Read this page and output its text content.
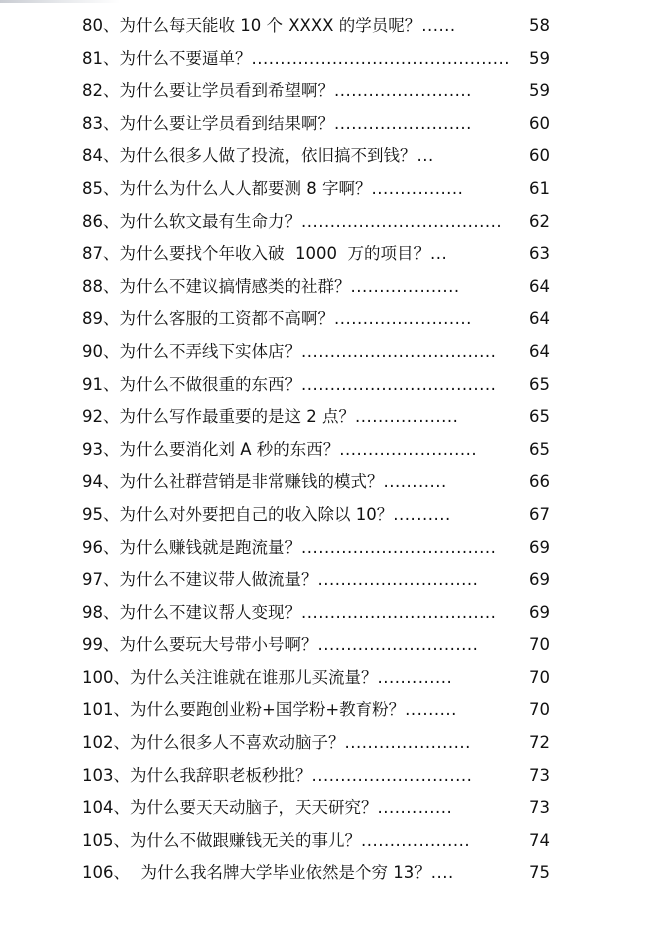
80、为什么每天能收 10 个 XXXX 的学员呢？......	58
81、为什么不要逼单？............................................. 59
82、为什么要让学员看到希望啊？........................	59
83、为什么要让学员看到结果啊？........................	60
84、为什么很多人做了投流，依旧搞不到钱？...	60
85、为什么为什么人人都要测 8 字啊？................	61
86、为什么软文最有生命力？................................... 62
87、为什么要找个年收入破  1000  万的项目？...	63
88、为什么不建议搞情感类的社群？...................	64
89、为什么客服的工资都不高啊？........................	64
90、为什么不弄线下实体店？.................................. 64
91、为什么不做很重的东西？.................................. 65
92、为什么写作最重要的是这 2 点？..................	65
93、为什么要消化刘 A 秒的东西？........................	65
94、为什么社群营销是非常赚钱的模式？...........	66
95、为什么对外要把自己的收入除以 10？..........	67
96、为什么赚钱就是跑流量？.................................. 69
97、为什么不建议带人做流量？............................	69
98、为什么不建议帮人变现？.................................. 69
99、为什么要玩大号带小号啊？............................	70
100、为什么关注谁就在谁那儿买流量？.............	70
101、为什么要跑创业粉+国学粉+教育粉？.........	70
102、为什么很多人不喜欢动脑子？......................	72
103、为什么我辞职老板秒批？............................	73
104、为什么要天天动脑子，天天研究？.............	73
105、为什么不做跟赚钱无关的事儿？...................	74
106、  为什么我名牌大学毕业依然是个穷 13？....	75
